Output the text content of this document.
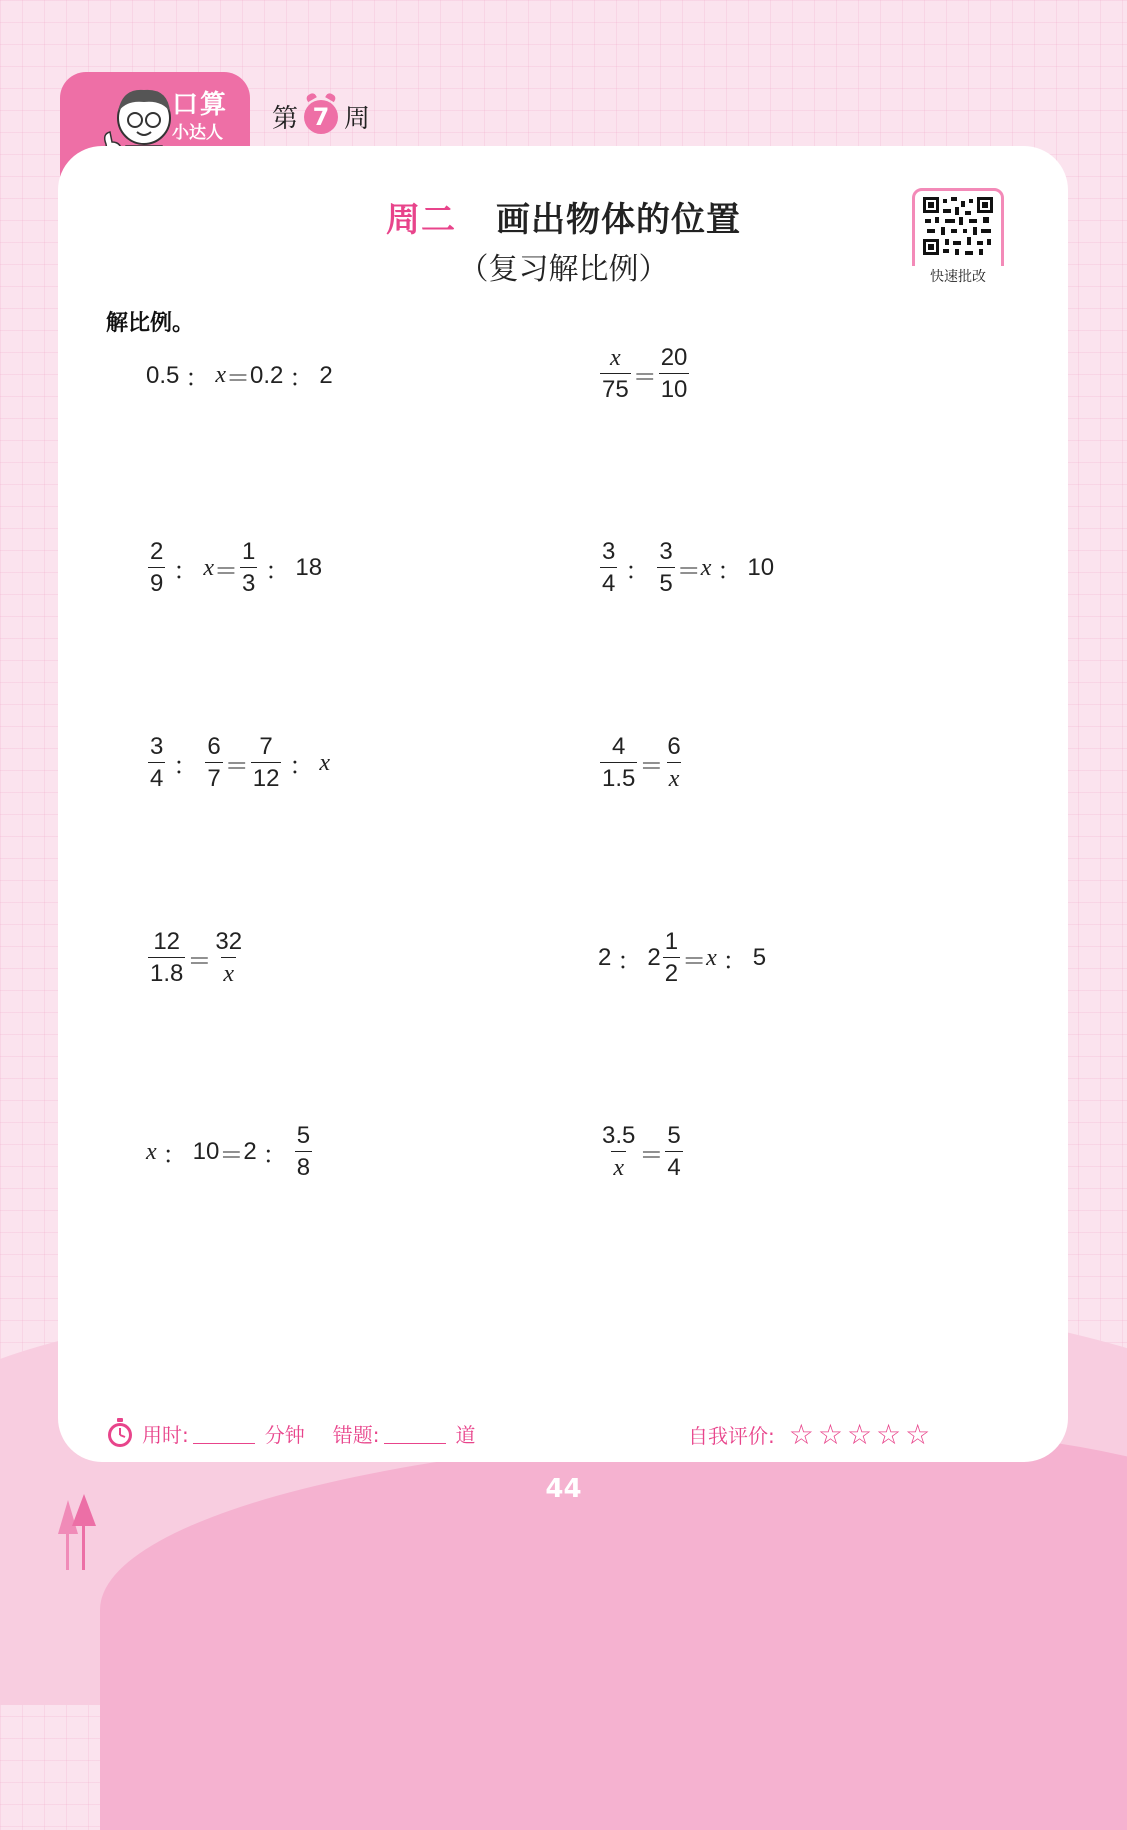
口算
小达人 第 7 周
周二 画出物体的位置
（复习解比例）	快速批改
解比例。
0.5 ： x ＝ 0.2 ： 2	$\frac{x}{75} = \frac{20}{10}$
$\frac{2}{9}$ ： $x = \frac{1}{3}$ ： 18	$\frac{3}{4}$ ： $\frac{3}{5} = x$ ： 10
$\frac{3}{4}$ ： $\frac{6}{7} = \frac{7}{12}$ ： x	$\frac{4}{1.5} = \frac{6}{x}$
$\frac{12}{1.8} = \frac{32}{x}$	2 ： $2 \frac{1}{2} = x$ ： 5
x ： 10 ＝ 2 ： $\frac{5}{8}$	$\frac{3.5}{x} = \frac{5}{4}$
用时:	分钟 错题:	道	自我评价: ☆☆☆☆☆
44
